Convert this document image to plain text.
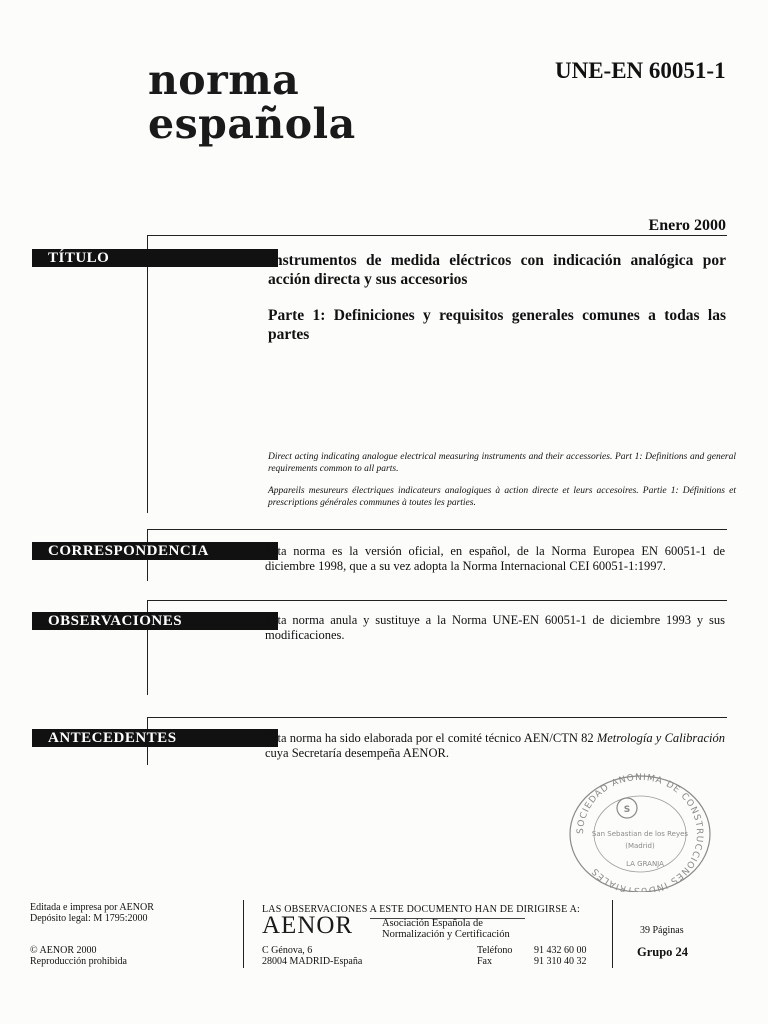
norma
española
UNE-EN 60051-1
Enero 2000
TÍTULO	Instrumentos de medida eléctricos con indicación analógica por acción directa y sus accesorios
Parte 1: Definiciones y requisitos generales comunes a todas las partes
Direct acting indicating analogue electrical measuring instruments and their accessories. Part 1: Definitions and general requirements common to all parts.
Appareils mesureurs électriques indicateurs analogiques à action directe et leurs accesoires. Partie 1: Définitions et prescriptions générales communes à toutes les parties.
CORRESPONDENCIA	Esta norma es la versión oficial, en español, de la Norma Europea EN 60051-1 de diciembre 1998, que a su vez adopta la Norma Internacional CEI 60051-1:1997.
OBSERVACIONES	Esta norma anula y sustituye a la Norma UNE-EN 60051-1 de diciembre 1993 y sus modificaciones.
ANTECEDENTES	Esta norma ha sido elaborada por el comité técnico AEN/CTN 82 Metrología y Calibración cuya Secretaría desempeña AENOR.
SOCIEDAD ANONIMA DE CONSTRUCCIONES INDUSTRIALES
S
San Sebastian de los Reyes
(Madrid)
LA GRANJA
Editada e impresa por AENOR
Depósito legal: M 1795:2000
© AENOR 2000
Reproducción prohibida
LAS OBSERVACIONES A ESTE DOCUMENTO HAN DE DIRIGIRSE A:
AENOR	Asociación Española de
Normalización y Certificación
C Génova, 6
28004 MADRID-España
Teléfono 91 432 60 00
Fax	91 310 40 32
39 Páginas
Grupo 24
